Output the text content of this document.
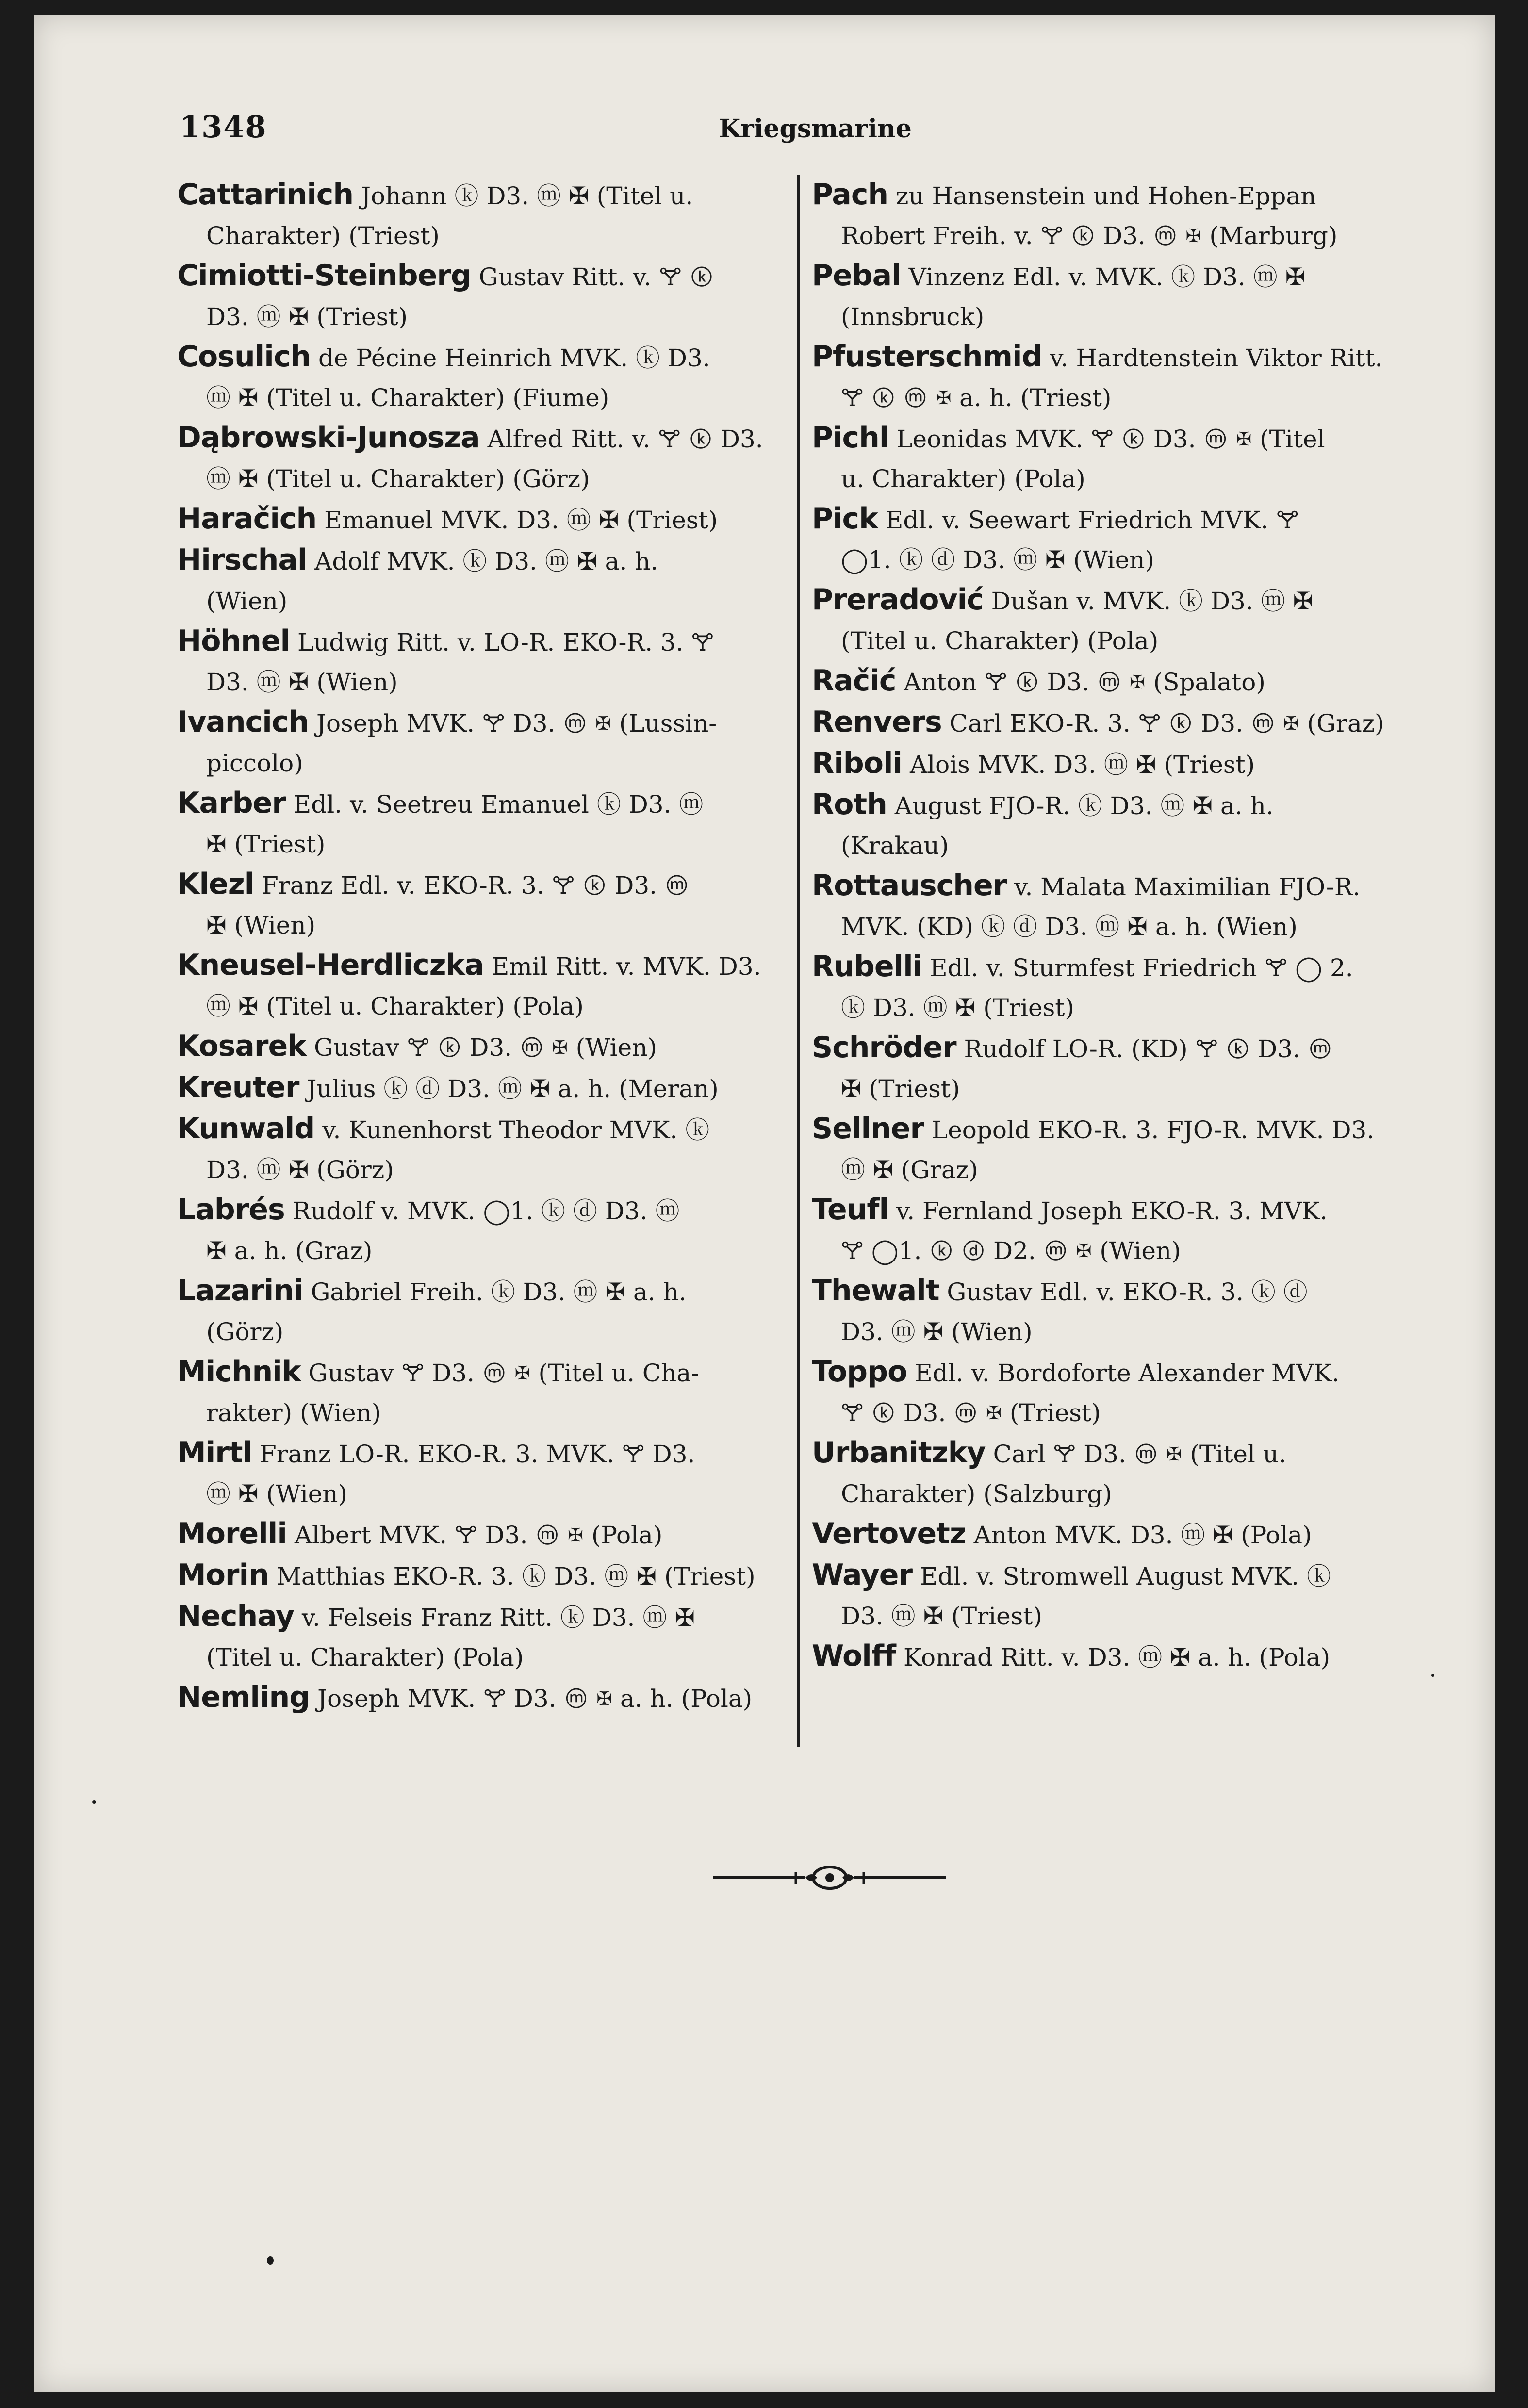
1348	Kriegsmarine
Cattarinich Johann ⓚ D3. ⓜ ✠ (Titel u.
Charakter) (Triest)
Cimiotti-Steinberg Gustav Ritt. v. 🝖 ⓚ
D3. ⓜ ✠ (Triest)
Cosulich de Pécine Heinrich MVK. ⓚ D3.
ⓜ ✠ (Titel u. Charakter) (Fiume)
Dąbrowski-Junosza Alfred Ritt. v. 🝖 ⓚ D3.
ⓜ ✠ (Titel u. Charakter) (Görz)
Haračich Emanuel MVK. D3. ⓜ ✠ (Triest)
Hirschal Adolf MVK. ⓚ D3. ⓜ ✠ a. h.
(Wien)
Höhnel Ludwig Ritt. v. LO-R. EKO-R. 3. 🝖
D3. ⓜ ✠ (Wien)
Ivancich Joseph MVK. 🝖 D3. ⓜ ✠ (Lussin-
piccolo)
Karber Edl. v. Seetreu Emanuel ⓚ D3. ⓜ
✠ (Triest)
Klezl Franz Edl. v. EKO-R. 3. 🝖 ⓚ D3. ⓜ
✠ (Wien)
Kneusel-Herdliczka Emil Ritt. v. MVK. D3.
ⓜ ✠ (Titel u. Charakter) (Pola)
Kosarek Gustav 🝖 ⓚ D3. ⓜ ✠ (Wien)
Kreuter Julius ⓚ ⓓ D3. ⓜ ✠ a. h. (Meran)
Kunwald v. Kunenhorst Theodor MVK. ⓚ
D3. ⓜ ✠ (Görz)
Labrés Rudolf v. MVK. ◯1. ⓚ ⓓ D3. ⓜ
✠ a. h. (Graz)
Lazarini Gabriel Freih. ⓚ D3. ⓜ ✠ a. h.
(Görz)
Michnik Gustav 🝖 D3. ⓜ ✠ (Titel u. Cha-
rakter) (Wien)
Mirtl Franz LO-R. EKO-R. 3. MVK. 🝖 D3.
ⓜ ✠ (Wien)
Morelli Albert MVK. 🝖 D3. ⓜ ✠ (Pola)
Morin Matthias EKO-R. 3. ⓚ D3. ⓜ ✠ (Triest)
Nechay v. Felseis Franz Ritt. ⓚ D3. ⓜ ✠
(Titel u. Charakter) (Pola)
Nemling Joseph MVK. 🝖 D3. ⓜ ✠ a. h. (Pola)
Pach zu Hansenstein und Hohen-Eppan
Robert Freih. v. 🝖 ⓚ D3. ⓜ ✠ (Marburg)
Pebal Vinzenz Edl. v. MVK. ⓚ D3. ⓜ ✠
(Innsbruck)
Pfusterschmid v. Hardtenstein Viktor Ritt.
🝖 ⓚ ⓜ ✠ a. h. (Triest)
Pichl Leonidas MVK. 🝖 ⓚ D3. ⓜ ✠ (Titel
u. Charakter) (Pola)
Pick Edl. v. Seewart Friedrich MVK. 🝖
◯1. ⓚ ⓓ D3. ⓜ ✠ (Wien)
Preradović Dušan v. MVK. ⓚ D3. ⓜ ✠
(Titel u. Charakter) (Pola)
Račić Anton 🝖 ⓚ D3. ⓜ ✠ (Spalato)
Renvers Carl EKO-R. 3. 🝖 ⓚ D3. ⓜ ✠ (Graz)
Riboli Alois MVK. D3. ⓜ ✠ (Triest)
Roth August FJO-R. ⓚ D3. ⓜ ✠ a. h.
(Krakau)
Rottauscher v. Malata Maximilian FJO-R.
MVK. (KD) ⓚ ⓓ D3. ⓜ ✠ a. h. (Wien)
Rubelli Edl. v. Sturmfest Friedrich 🝖 ◯ 2.
ⓚ D3. ⓜ ✠ (Triest)
Schröder Rudolf LO-R. (KD) 🝖 ⓚ D3. ⓜ
✠ (Triest)
Sellner Leopold EKO-R. 3. FJO-R. MVK. D3.
ⓜ ✠ (Graz)
Teufl v. Fernland Joseph EKO-R. 3. MVK.
🝖 ◯1. ⓚ ⓓ D2. ⓜ ✠ (Wien)
Thewalt Gustav Edl. v. EKO-R. 3. ⓚ ⓓ
D3. ⓜ ✠ (Wien)
Toppo Edl. v. Bordoforte Alexander MVK.
🝖 ⓚ D3. ⓜ ✠ (Triest)
Urbanitzky Carl 🝖 D3. ⓜ ✠ (Titel u.
Charakter) (Salzburg)
Vertovetz Anton MVK. D3. ⓜ ✠ (Pola)
Wayer Edl. v. Stromwell August MVK. ⓚ
D3. ⓜ ✠ (Triest)
Wolff Konrad Ritt. v. D3. ⓜ ✠ a. h. (Pola)
